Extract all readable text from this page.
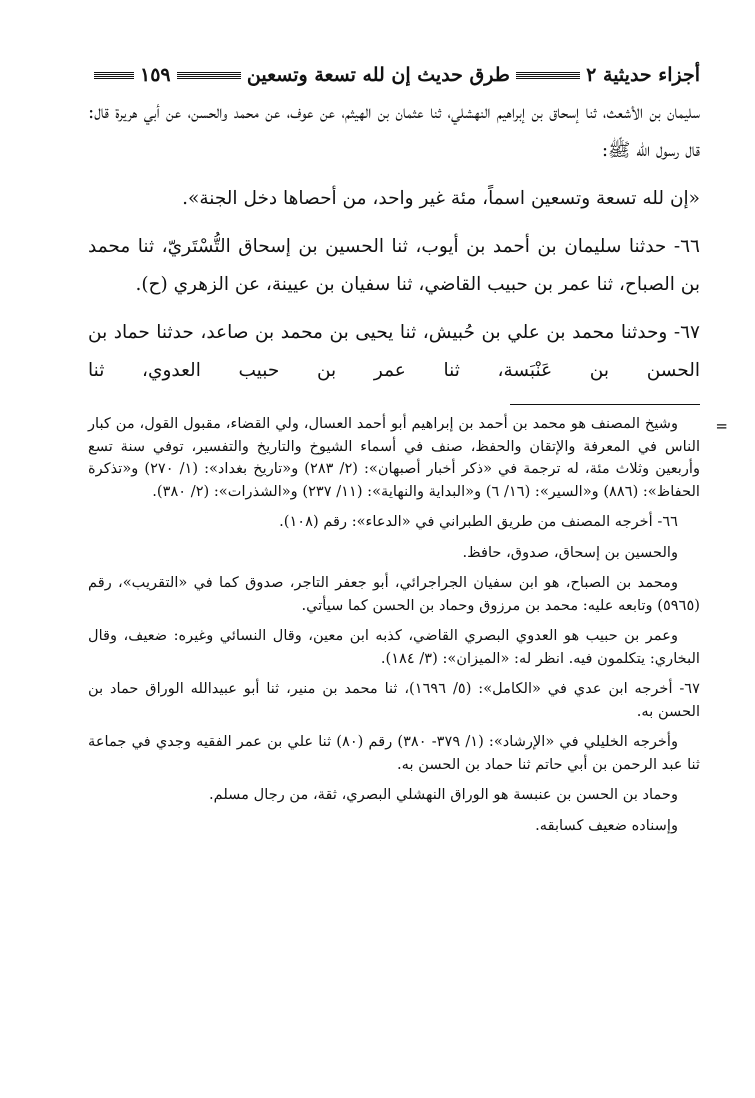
أجزاء حديثية ٢
طرق حديث إن لله تسعة وتسعين
١٥٩

سليمان بن الأشعث، ثنا إسحاق بن إبراهيم النهشلي، ثنا عثمان بن الهيثم، عن عوف، عن محمد والحسن، عن أبي هريرة قال: قال رسول الله ﷺ:

«إن لله تسعة وتسعين اسماً، مئة غير واحد، من أحصاها دخل الجنة».

٦٦- حدثنا سليمان بن أحمد بن أيوب، ثنا الحسين بن إسحاق التُّسْتَريّ، ثنا محمد بن الصباح، ثنا عمر بن حبيب القاضي، ثنا سفيان بن عيينة، عن الزهري (ح).

٦٧- وحدثنا محمد بن علي بن حُبيش، ثنا يحيى بن محمد بن صاعد، حدثنا حماد بن الحسن بن عَنْبَسة، ثنا عمر بن حبيب العدوي، ثنا

=

وشيخ المصنف هو محمد بن أحمد بن إبراهيم أبو أحمد العسال، ولي القضاء، مقبول القول، من كبار الناس في المعرفة والإتقان والحفظ، صنف في أسماء الشيوخ والتاريخ والتفسير، توفي سنة تسع وأربعين وثلاث مئة، له ترجمة في «ذكر أخبار أصبهان»: (٢/ ٢٨٣) و«تاريخ بغداد»: (١/ ٢٧٠) و«تذكرة الحفاظ»: (٨٨٦) و«السير»: (١٦/ ٦) و«البداية والنهاية»: (١١/ ٢٣٧) و«الشذرات»: (٢/ ٣٨٠).

٦٦- أخرجه المصنف من طريق الطبراني في «الدعاء»: رقم (١٠٨).

والحسين بن إسحاق، صدوق، حافظ.

ومحمد بن الصباح، هو ابن سفيان الجراجرائي، أبو جعفر التاجر، صدوق كما في «التقريب»، رقم (٥٩٦٥) وتابعه عليه: محمد بن مرزوق وحماد بن الحسن كما سيأتي.

وعمر بن حبيب هو العدوي البصري القاضي، كذبه ابن معين، وقال النسائي وغيره: ضعيف، وقال البخاري: يتكلمون فيه. انظر له: «الميزان»: (٣/ ١٨٤).

٦٧- أخرجه ابن عدي في «الكامل»: (٥/ ١٦٩٦)، ثنا محمد بن منير، ثنا أبو عبيدالله الوراق حماد بن الحسن به.

وأخرجه الخليلي في «الإرشاد»: (١/ ٣٧٩- ٣٨٠) رقم (٨٠) ثنا علي بن عمر الفقيه وجدي في جماعة ثنا عبد الرحمن بن أبي حاتم ثنا حماد بن الحسن به.

وحماد بن الحسن بن عنبسة هو الوراق النهشلي البصري، ثقة، من رجال مسلم.

وإسناده ضعيف كسابقه.
